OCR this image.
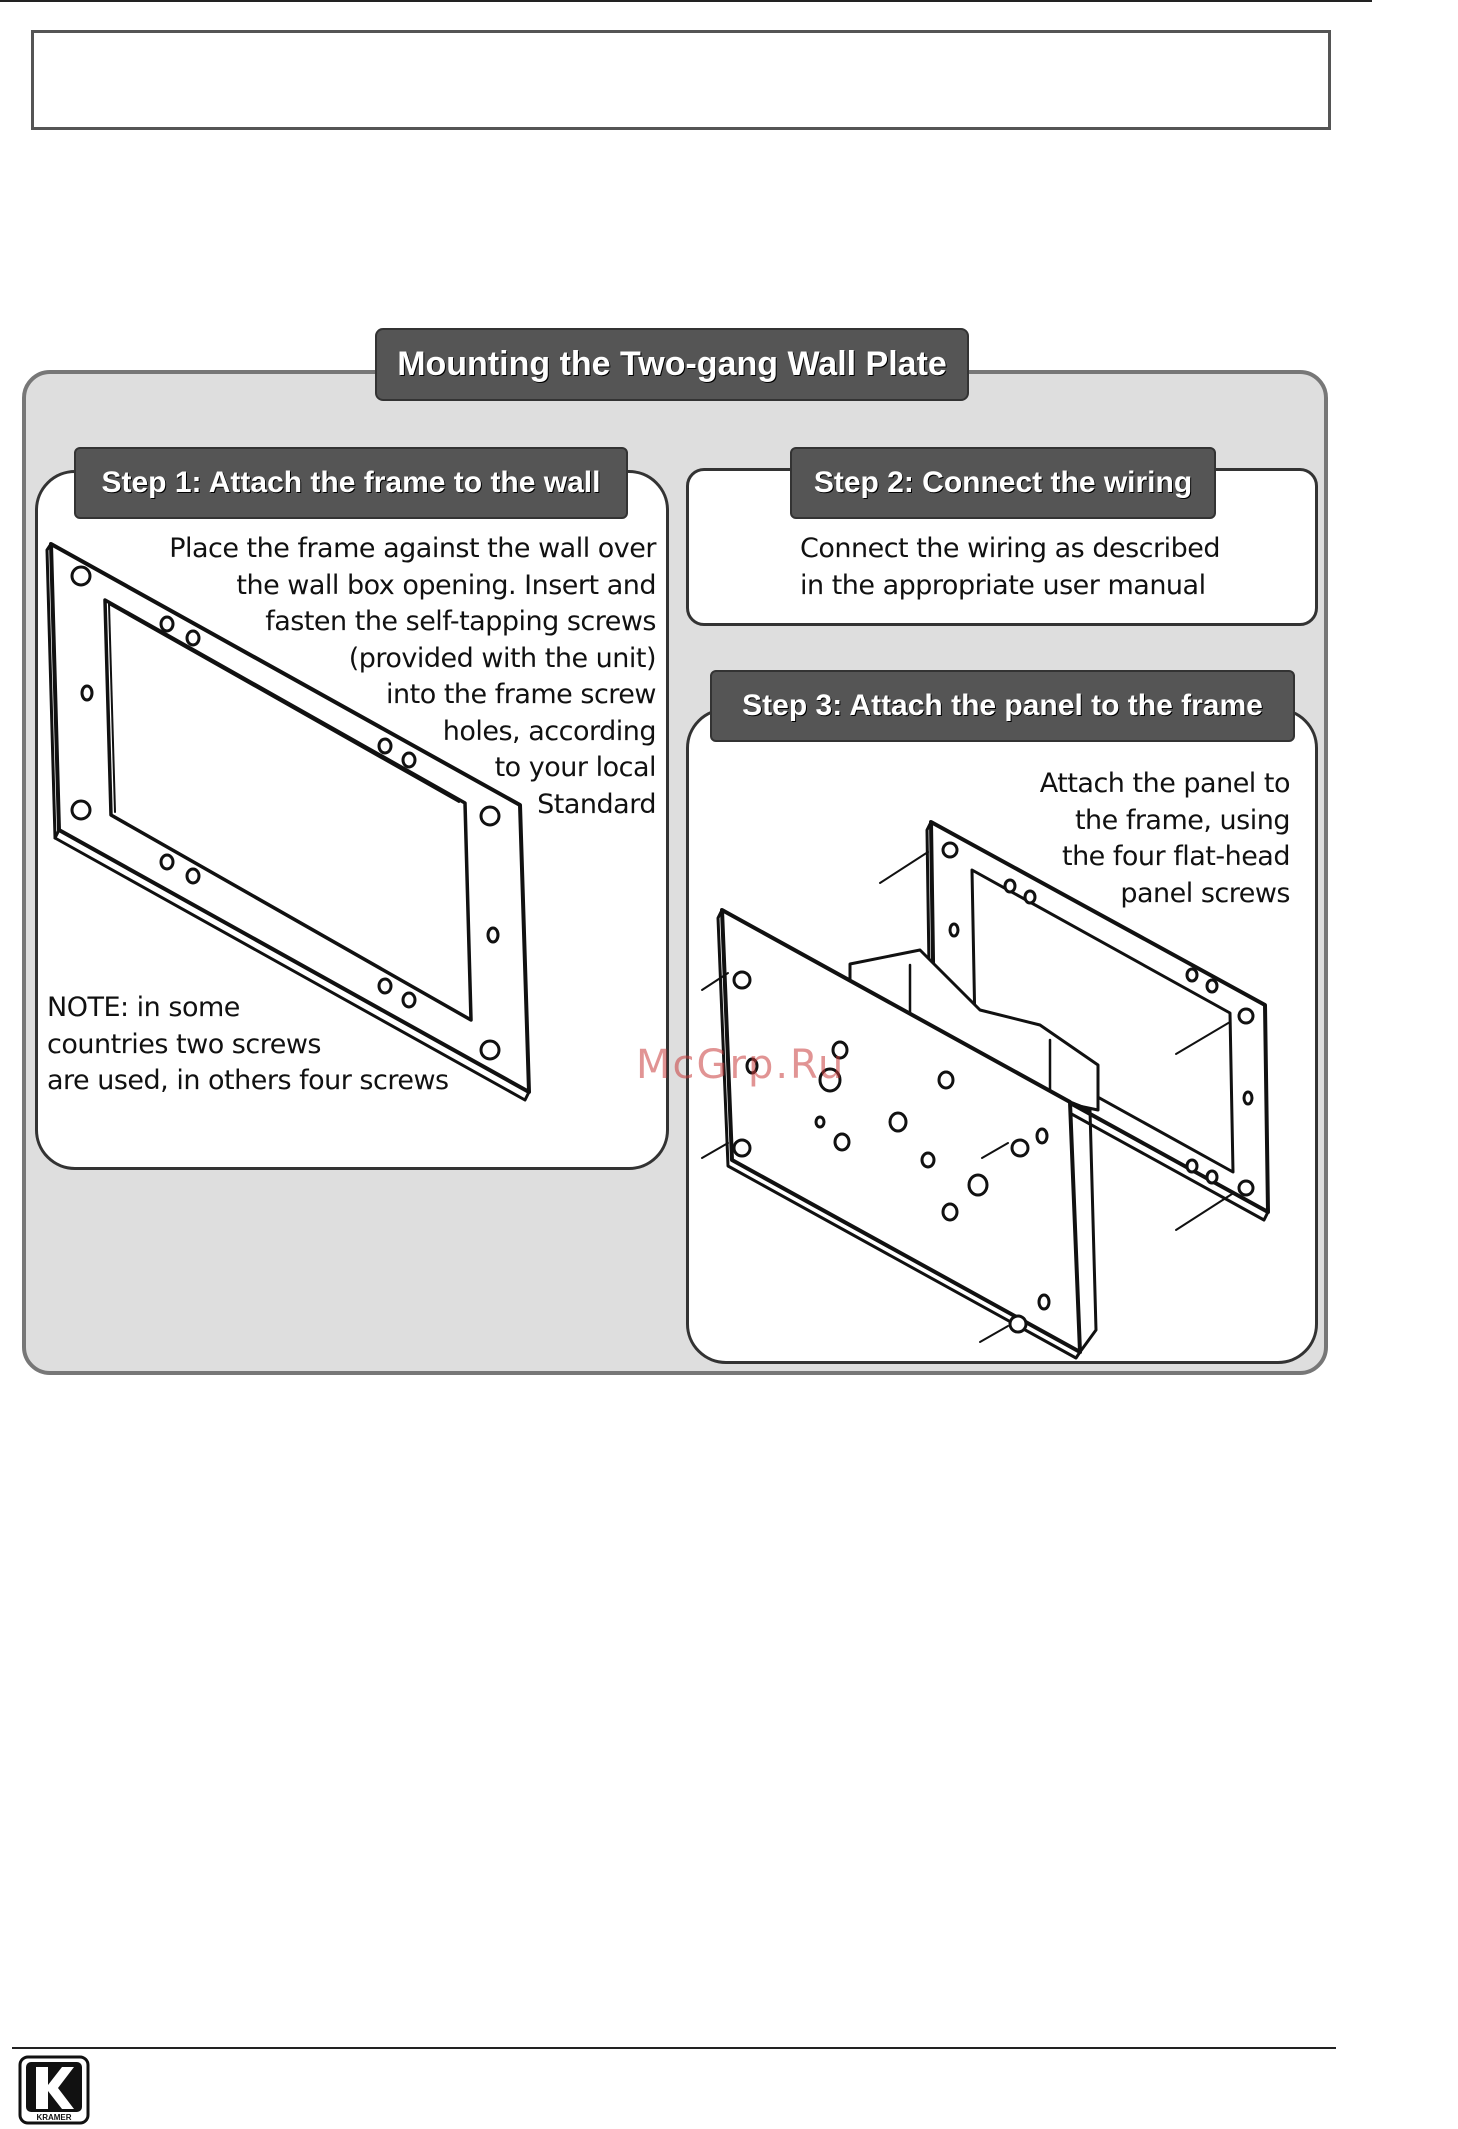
Mounting the Two-gang Wall Plate
Step 1: Attach the frame to the wall
Place the frame against the wall over
the wall box opening. Insert and
fasten the self-tapping screws
(provided with the unit)
into the frame screw
holes, according
to your local
Standard
NOTE: in some
countries two screws
are used, in others four screws
Step 2: Connect the wiring
Connect the wiring as described
in the appropriate user manual
Step 3: Attach the panel to the frame
Attach the panel to
the frame, using
the four flat-head
panel screws
McGrp.Ru
KRAMER
